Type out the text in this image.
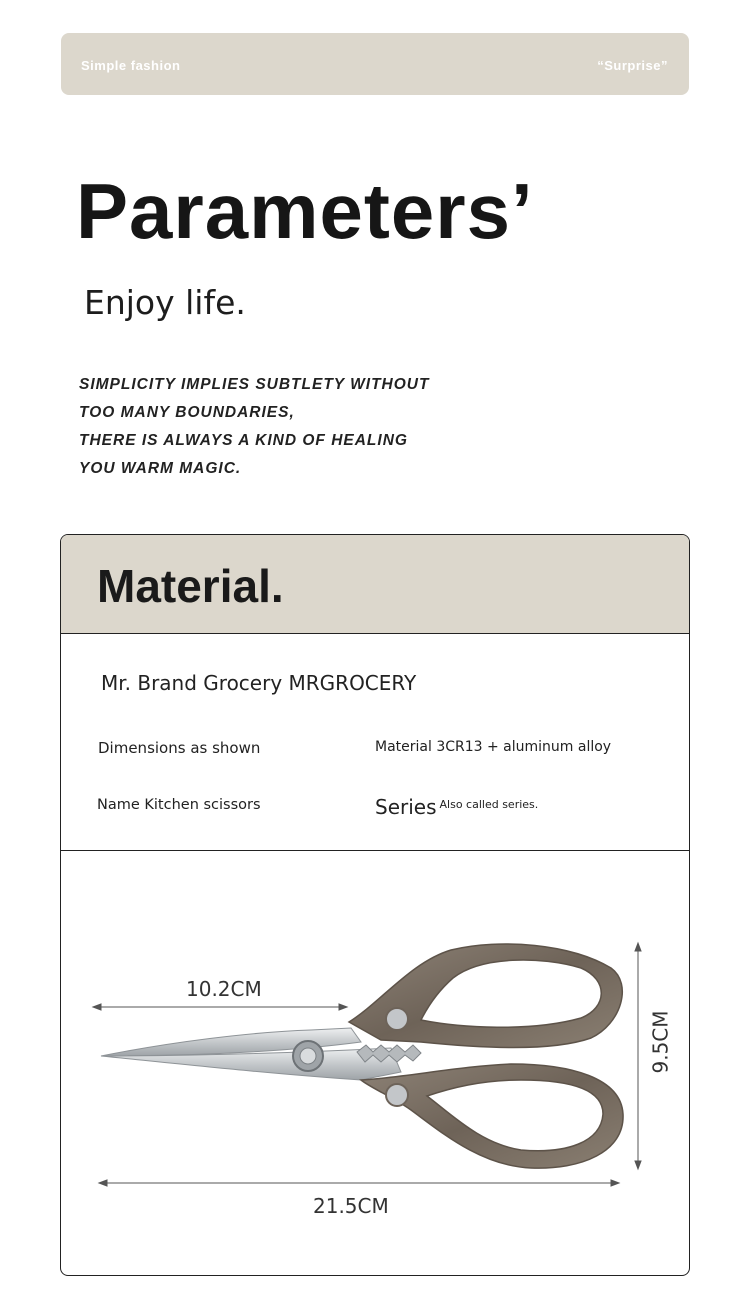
Simple fashion	“Surprise”
Parameters’
Enjoy life.
SIMPLICITY IMPLIES SUBTLETY WITHOUT
TOO MANY BOUNDARIES,
THERE IS ALWAYS A KIND OF HEALING
YOU WARM MAGIC.
Material.
Mr. Brand Grocery MRGROCERY
Dimensions as shown	Material 3CR13 + aluminum alloy
Name Kitchen scissors	Series $^{Also called series.}$
10.2CM
21.5CM
9.5CM
